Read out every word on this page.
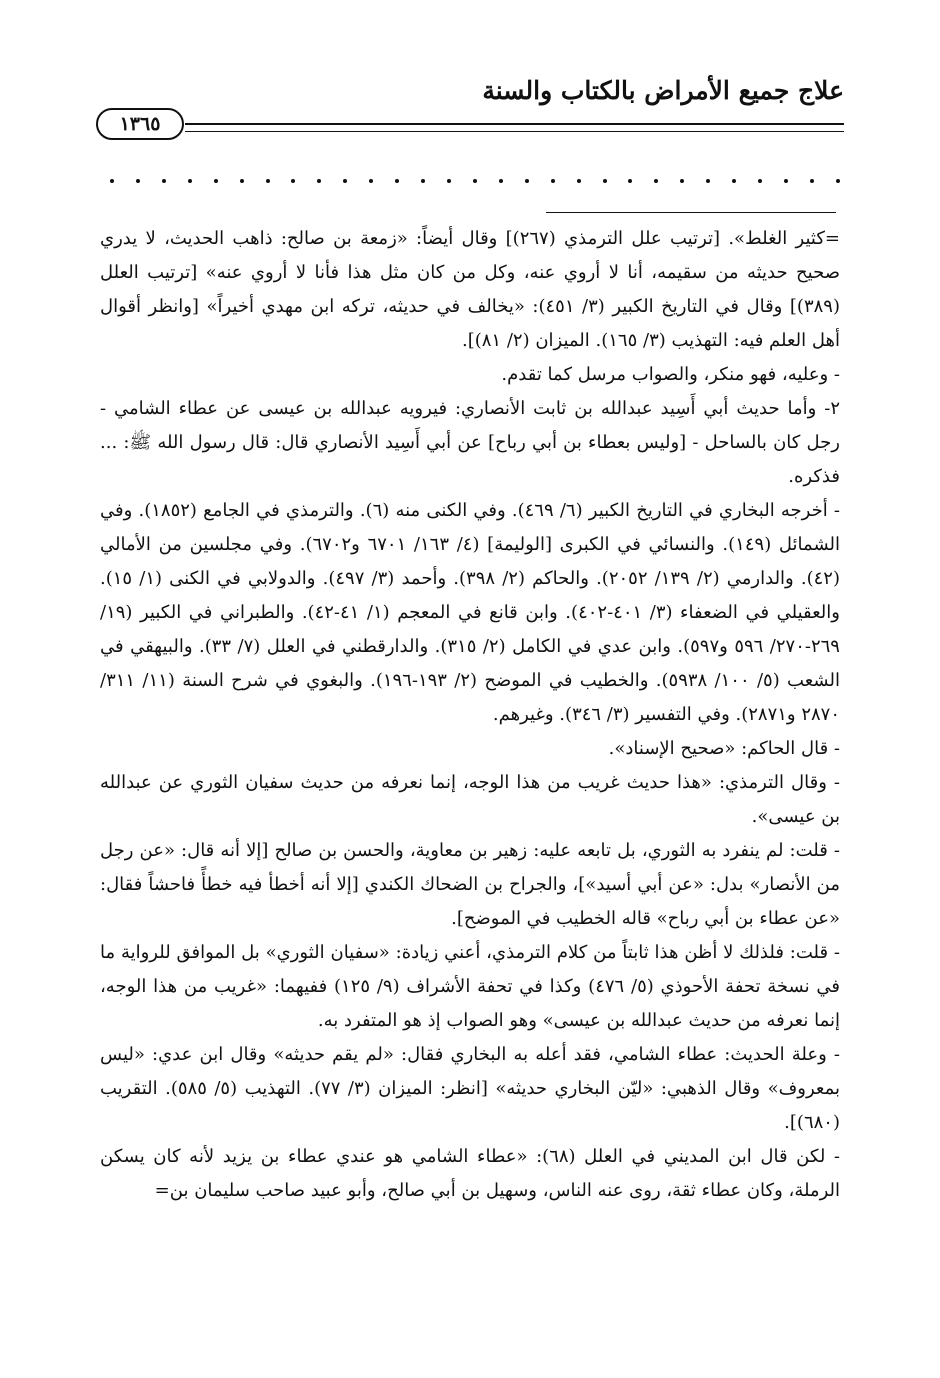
علاج جميع الأمراض بالكتاب والسنة
١٣٦٥

=كثير الغلط». [ترتيب علل الترمذي (٢٦٧)] وقال أيضاً: «زمعة بن صالح: ذاهب الحديث، لا يدري صحيح حديثه من سقيمه، أنا لا أروي عنه، وكل من كان مثل هذا فأنا لا أروي عنه» [ترتيب العلل (٣٨٩)] وقال في التاريخ الكبير (٣/ ٤٥١): «يخالف في حديثه، تركه ابن مهدي أخيراً» [وانظر أقوال أهل العلم فيه: التهذيب (٣/ ١٦٥). الميزان (٢/ ٨١)].

- وعليه، فهو منكر، والصواب مرسل كما تقدم.

٢- وأما حديث أبي أَسِيد عبدالله بن ثابت الأنصاري: فيرويه عبدالله بن عيسى عن عطاء الشامي - رجل كان بالساحل - [وليس بعطاء بن أبي رباح] عن أبي أَسِيد الأنصاري قال: قال رسول الله ﷺ: ... فذكره.

- أخرجه البخاري في التاريخ الكبير (٦/ ٤٦٩). وفي الكنى منه (٦). والترمذي في الجامع (١٨٥٢). وفي الشمائل (١٤٩). والنسائي في الكبرى [الوليمة] (٤/ ١٦٣/ ٦٧٠١ و٦٧٠٢). وفي مجلسين من الأمالي (٤٢). والدارمي (٢/ ١٣٩/ ٢٠٥٢). والحاكم (٢/ ٣٩٨). وأحمد (٣/ ٤٩٧). والدولابي في الكنى (١/ ١٥). والعقيلي في الضعفاء (٣/ ٤٠١-٤٠٢). وابن قانع في المعجم (١/ ٤١-٤٢). والطبراني في الكبير (١٩/ ٢٦٩-٢٧٠/ ٥٩٦ و٥٩٧). وابن عدي في الكامل (٢/ ٣١٥). والدارقطني في العلل (٧/ ٣٣). والبيهقي في الشعب (٥/ ١٠٠/ ٥٩٣٨). والخطيب في الموضح (٢/ ١٩٣-١٩٦). والبغوي في شرح السنة (١١/ ٣١١/ ٢٨٧٠ و٢٨٧١). وفي التفسير (٣/ ٣٤٦). وغيرهم.

- قال الحاكم: «صحيح الإسناد».

- وقال الترمذي: «هذا حديث غريب من هذا الوجه، إنما نعرفه من حديث سفيان الثوري عن عبدالله بن عيسى».

- قلت: لم ينفرد به الثوري، بل تابعه عليه: زهير بن معاوية، والحسن بن صالح [إلا أنه قال: «عن رجل من الأنصار» بدل: «عن أبي أسيد»]، والجراح بن الضحاك الكندي [إلا أنه أخطأ فيه خطأً فاحشاً فقال: «عن عطاء بن أبي رباح» قاله الخطيب في الموضح].

- قلت: فلذلك لا أظن هذا ثابتاً من كلام الترمذي، أعني زيادة: «سفيان الثوري» بل الموافق للرواية ما في نسخة تحفة الأحوذي (٥/ ٤٧٦) وكذا في تحفة الأشراف (٩/ ١٢٥) ففيهما: «غريب من هذا الوجه، إنما نعرفه من حديث عبدالله بن عيسى» وهو الصواب إذ هو المتفرد به.

- وعلة الحديث: عطاء الشامي، فقد أعله به البخاري فقال: «لم يقم حديثه» وقال ابن عدي: «ليس بمعروف» وقال الذهبي: «ليّن البخاري حديثه» [انظر: الميزان (٣/ ٧٧). التهذيب (٥/ ٥٨٥). التقريب (٦٨٠)].

- لكن قال ابن المديني في العلل (٦٨): «عطاء الشامي هو عندي عطاء بن يزيد لأنه كان يسكن الرملة، وكان عطاء ثقة، روى عنه الناس، وسهيل بن أبي صالح، وأبو عبيد صاحب سليمان بن=
